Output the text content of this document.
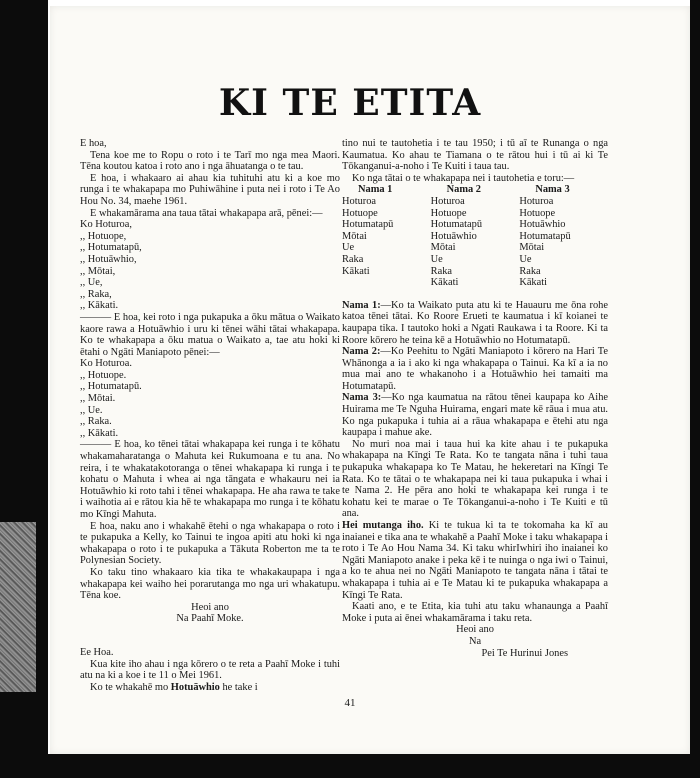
KI TE ETITA

E hoa,

Tena koe me to Ropu o roto i te Tarī mo nga mea Maori. Tēna koutou katoa i roto ano i nga āhuatanga o te tau.

E hoa, i whakaaro ai ahau kia tuhituhi atu ki a koe mo runga i te whakapapa mo Puhiwāhine i puta nei i roto i Te Ao Hou No. 34, maehe 1961.

E whakamārama ana taua tātai whakapapa arā, pēnei:—

Ko Hoturoa,

,, Hotuope,

,, Hotumatapū,

,, Hotuāwhio,

,, Mōtai,

,, Ue,

,, Raka,

,, Kākati.

——— E hoa, kei roto i nga pukapuka a ōku mātua o Waikato kaore rawa a Hotuāwhio i uru ki tēnei wāhi tātai whakapapa. Ko te whakapapa a ōku matua o Waikato a, tae atu hoki ki ētahi o Ngāti Maniapoto pēnei:—

Ko Hoturoa.

,, Hotuope.

,, Hotumatapū.

,, Mōtai.

,, Ue.

,, Raka.

,, Kākati.

——— E hoa, ko tēnei tātai whakapapa kei runga i te kōhatu whakamaharatanga o Mahuta kei Rukumoana e tu ana. No reira, i te whakatakotoranga o tēnei whakapapa ki runga i te kohatu o Mahuta i whea ai nga tāngata e whakauru nei ia Hotuāwhio ki roto tahi i tēnei whakapapa. He aha rawa te take i waihotia ai e rātou kia hē te whakapapa mo runga i te kōhatu mo Kīngi Mahuta.

E hoa, naku ano i whakahē ētehi o nga whakapapa o roto i te pukapuka a Kelly, ko Tainui te ingoa apiti atu hoki ki nga whakapapa o roto i te pukapuka a Tākuta Roberton me ta te Polynesian Society.

Ko taku tino whakaaro kia tika te whakakaupapa i nga whakapapa kei waiho hei porarutanga mo nga uri whakatupu. Tēna koe.

Heoi ano

Na Paahī Moke.

Ee Hoa.

Kua kite iho ahau i nga kōrero o te reta a Paahī Moke i tuhi atu na ki a koe i te 11 o Mei 1961.

Ko te whakahē mo Hotuāwhio he take i

tino nui te tautohetia i te tau 1950; i tū aī te Runanga o nga Kaumatua. Ko ahau te Tiamana o te rātou hui i tū ai ki Te Tōkanganui-a-noho i Te Kuiti i taua tau.

Ko nga tātai o te whakapapa nei i tautohetia e toru:—

Nama 1	Nama 2	Nama 3
Hoturoa	Hoturoa	Hoturoa
Hotuope	Hotuope	Hotuope
Hotumatapū	Hotumatapū	Hotuāwhio
Mōtai	Hotuāwhio	Hotumatapū
Ue	Mōtai	Mōtai
Raka	Ue	Ue
Kākati	Raka	Raka
	Kākati	Kākati

Nama 1:—Ko ta Waikato puta atu ki te Hauauru me ōna rohe katoa tēnei tātai. Ko Roore Erueti te kaumatua i kī koianei te kaupapa tika. I tautoko hoki a Ngati Raukawa i ta Roore. Ki ta Roore kōrero he teina kē a Hotuāwhio no Hotumatapū.

Nama 2:—Ko Peehitu to Ngāti Maniapoto i kōrero na Hari Te Whānonga a ia i ako ki nga whakapapa o Tainui. Ka kī a ia no mua mai ano te whakanoho i a Hotuāwhio hei tamaiti ma Hotumatapū.

Nama 3:—Ko nga kaumatua na rātou tēnei kaupapa ko Aihe Huirama me Te Nguha Huirama, engari mate kē rāua i mua atu. Ko nga pukapuka i tuhia ai a rāua whakapapa e ētehi atu nga kaupapa i mahue ake.

No muri noa mai i taua hui ka kite ahau i te pukapuka whakapapa na Kīngi Te Rata. Ko te tangata nāna i tuhi taua pukapuka whakapapa ko Te Matau, he hekeretari na Kīngi Te Rata. Ko te tātai o te whakapapa nei ki taua pukapuka i whai i te Nama 2. He pēra ano hoki te whakapapa kei runga i te kohatu kei te marae o Te Tōkanganui-a-noho i Te Kuiti e tū ana.

Hei mutanga iho. Ki te tukua ki ta te tokomaha ka kī au inaianei e tika ana te whakahē a Paahī Moke i taku whakapapa i roto i Te Ao Hou Nama 34. Ki taku whirIwhiri iho inaianei ko Ngāti Maniapoto anake i peka kē i te nuinga o nga iwi o Tainui, a ko te ahua nei no Ngāti Maniapoto te tangata nāna i tātai te whakapapa i tuhia ai e Te Matau ki te pukapuka whakapapa a Kīngi Te Rata.

Kaati ano, e te Etita, kia tuhi atu taku whanaunga a Paahī Moke i puta ai ēnei whakamārama i taku reta.

Heoi ano

Na

Pei Te Hurinui Jones

41
